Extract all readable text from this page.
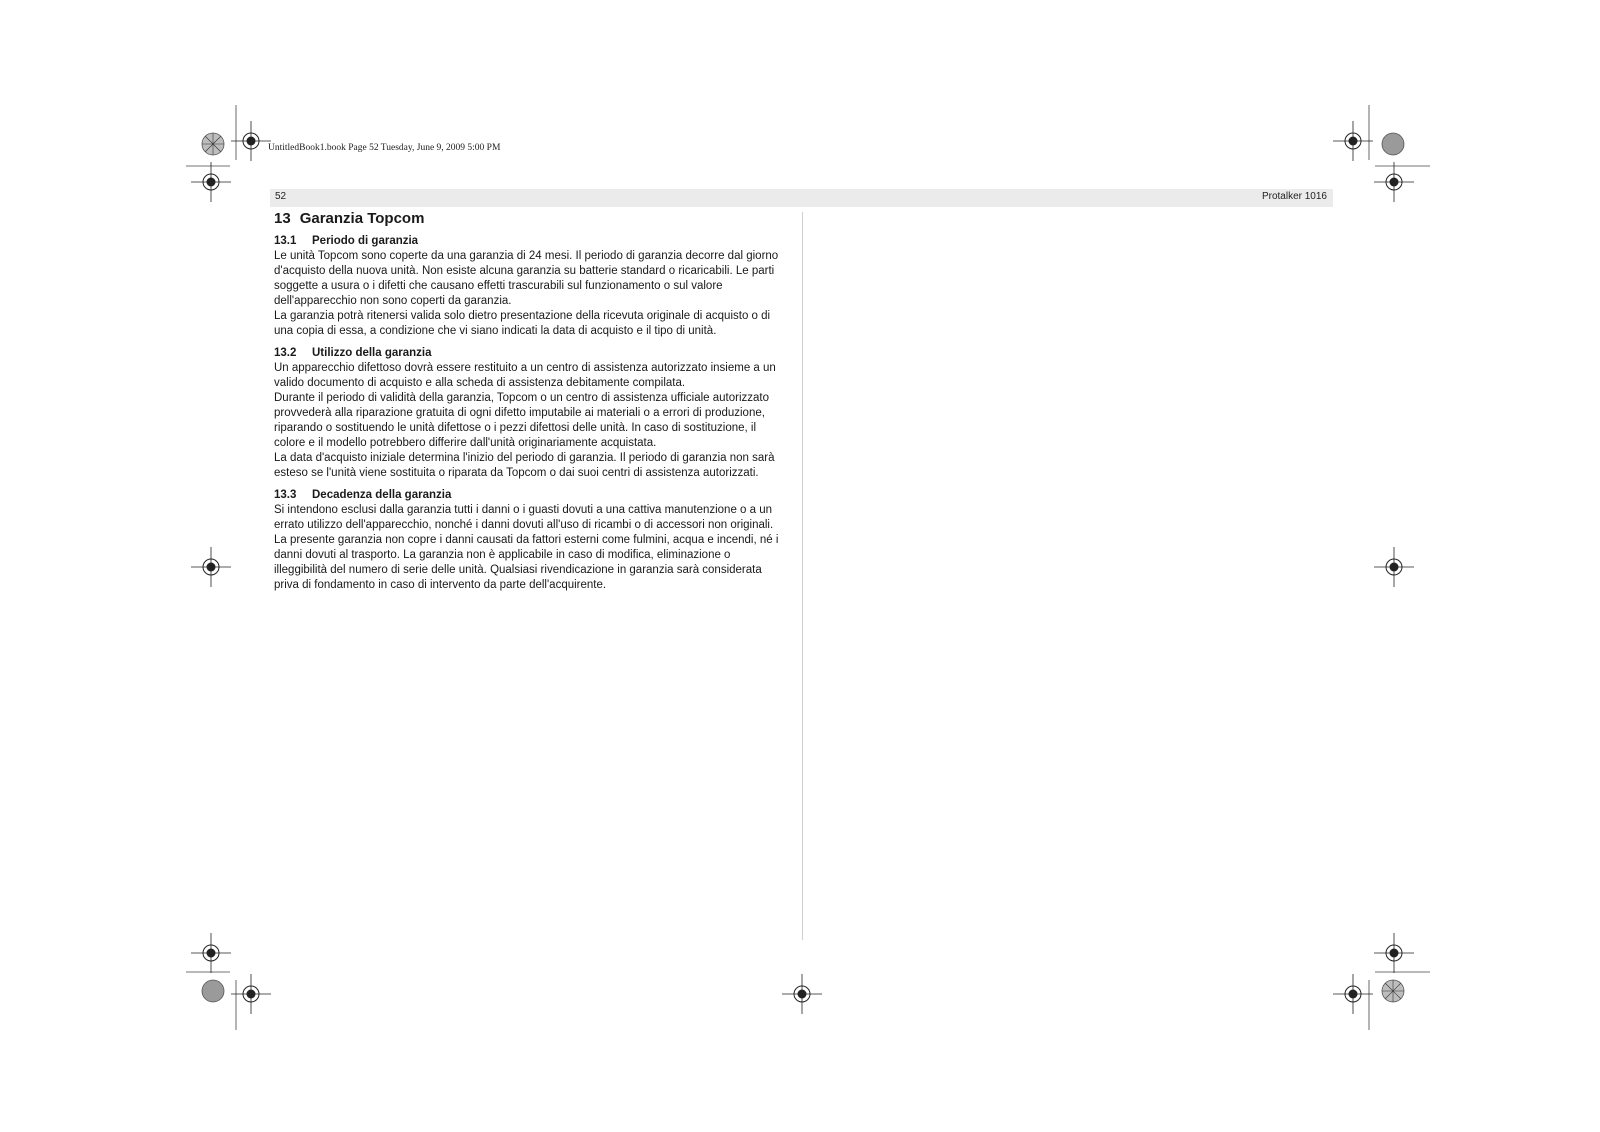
UntitledBook1.book Page 52 Tuesday, June 9, 2009 5:00 PM
52	Protalker 1016
13 Garanzia Topcom
13.1 Periodo di garanzia

Le unità Topcom sono coperte da una garanzia di 24 mesi. Il periodo di garanzia decorre dal giorno d'acquisto della nuova unità. Non esiste alcuna garanzia su batterie standard o ricaricabili. Le parti soggette a usura o i difetti che causano effetti trascurabili sul funzionamento o sul valore dell'apparecchio non sono coperti da garanzia.

La garanzia potrà ritenersi valida solo dietro presentazione della ricevuta originale di acquisto o di una copia di essa, a condizione che vi siano indicati la data di acquisto e il tipo di unità.

13.2 Utilizzo della garanzia

Un apparecchio difettoso dovrà essere restituito a un centro di assistenza autorizzato insieme a un valido documento di acquisto e alla scheda di assistenza debitamente compilata.

Durante il periodo di validità della garanzia, Topcom o un centro di assistenza ufficiale autorizzato provvederà alla riparazione gratuita di ogni difetto imputabile ai materiali o a errori di produzione, riparando o sostituendo le unità difettose o i pezzi difettosi delle unità. In caso di sostituzione, il colore e il modello potrebbero differire dall'unità originariamente acquistata.

La data d'acquisto iniziale determina l'inizio del periodo di garanzia. Il periodo di garanzia non sarà esteso se l'unità viene sostituita o riparata da Topcom o dai suoi centri di assistenza autorizzati.

13.3 Decadenza della garanzia

Si intendono esclusi dalla garanzia tutti i danni o i guasti dovuti a una cattiva manutenzione o a un errato utilizzo dell'apparecchio, nonché i danni dovuti all'uso di ricambi o di accessori non originali. La presente garanzia non copre i danni causati da fattori esterni come fulmini, acqua e incendi, né i danni dovuti al trasporto. La garanzia non è applicabile in caso di modifica, eliminazione o illeggibilità del numero di serie delle unità. Qualsiasi rivendicazione in garanzia sarà considerata priva di fondamento in caso di intervento da parte dell'acquirente.
